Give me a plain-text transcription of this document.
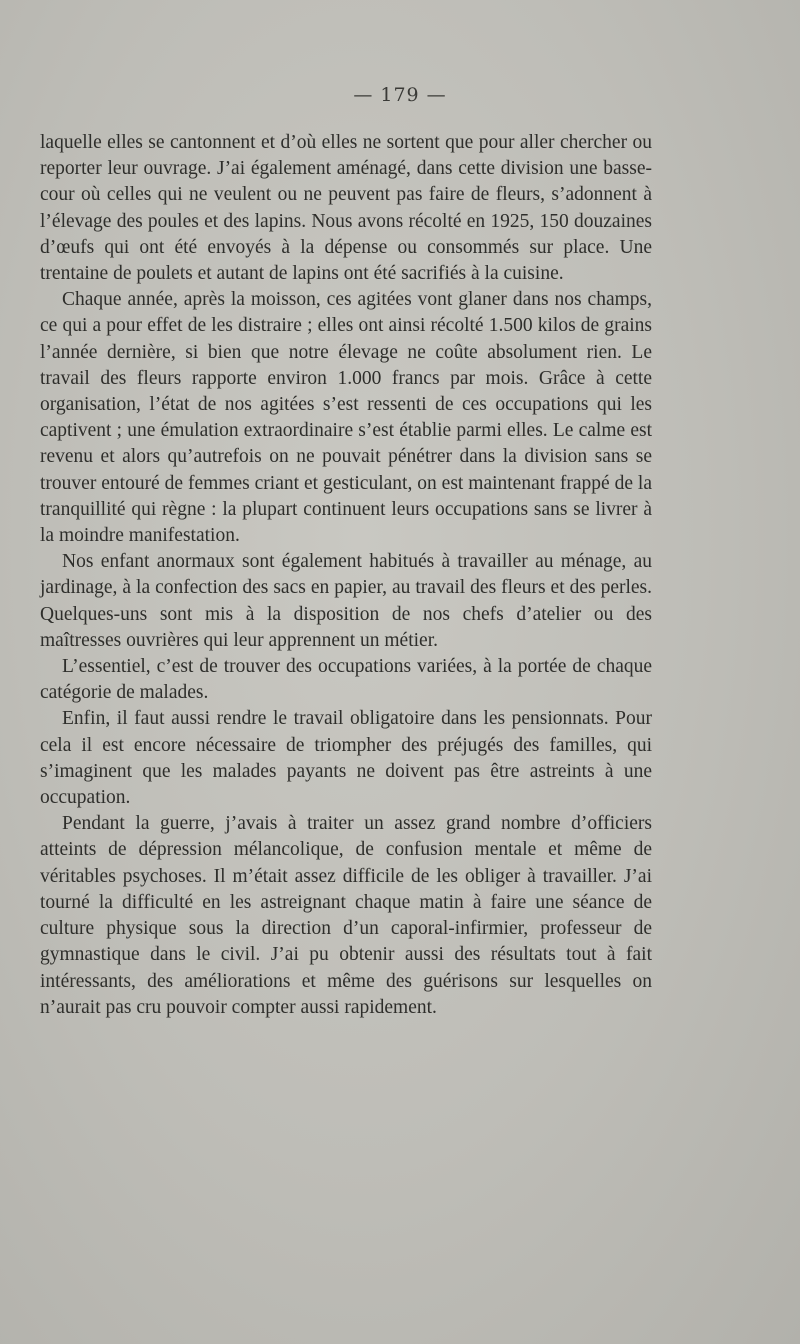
— 179 —

laquelle elles se cantonnent et d’où elles ne sortent que pour aller chercher ou reporter leur ouvrage. J’ai également aménagé, dans cette division une basse-cour où celles qui ne veulent ou ne peuvent pas faire de fleurs, s’adonnent à l’élevage des poules et des lapins. Nous avons récolté en 1925, 150 douzaines d’œufs qui ont été envoyés à la dépense ou consommés sur place. Une trentaine de poulets et autant de lapins ont été sacrifiés à la cuisine.

Chaque année, après la moisson, ces agitées vont glaner dans nos champs, ce qui a pour effet de les distraire ; elles ont ainsi récolté 1.500 kilos de grains l’année dernière, si bien que notre élevage ne coûte absolument rien. Le travail des fleurs rapporte environ 1.000 francs par mois. Grâce à cette organisation, l’état de nos agitées s’est ressenti de ces occupations qui les captivent ; une émulation extraordinaire s’est établie parmi elles. Le calme est revenu et alors qu’autrefois on ne pouvait pénétrer dans la division sans se trouver entouré de femmes criant et gesticulant, on est maintenant frappé de la tranquillité qui règne : la plupart continuent leurs occupations sans se livrer à la moindre manifestation.

Nos enfant anormaux sont également habitués à travailler au ménage, au jardinage, à la confection des sacs en papier, au travail des fleurs et des perles. Quelques-uns sont mis à la disposition de nos chefs d’atelier ou des maîtresses ouvrières qui leur apprennent un métier.

L’essentiel, c’est de trouver des occupations variées, à la portée de chaque catégorie de malades.

Enfin, il faut aussi rendre le travail obligatoire dans les pensionnats. Pour cela il est encore nécessaire de triompher des préjugés des familles, qui s’imaginent que les malades payants ne doivent pas être astreints à une occupation.

Pendant la guerre, j’avais à traiter un assez grand nombre d’officiers atteints de dépression mélancolique, de confusion mentale et même de véritables psychoses. Il m’était assez difficile de les obliger à travailler. J’ai tourné la difficulté en les astreignant chaque matin à faire une séance de culture physique sous la direction d’un caporal-infirmier, professeur de gymnastique dans le civil. J’ai pu obtenir aussi des résultats tout à fait intéressants, des améliorations et même des guérisons sur lesquelles on n’aurait pas cru pouvoir compter aussi rapidement.
